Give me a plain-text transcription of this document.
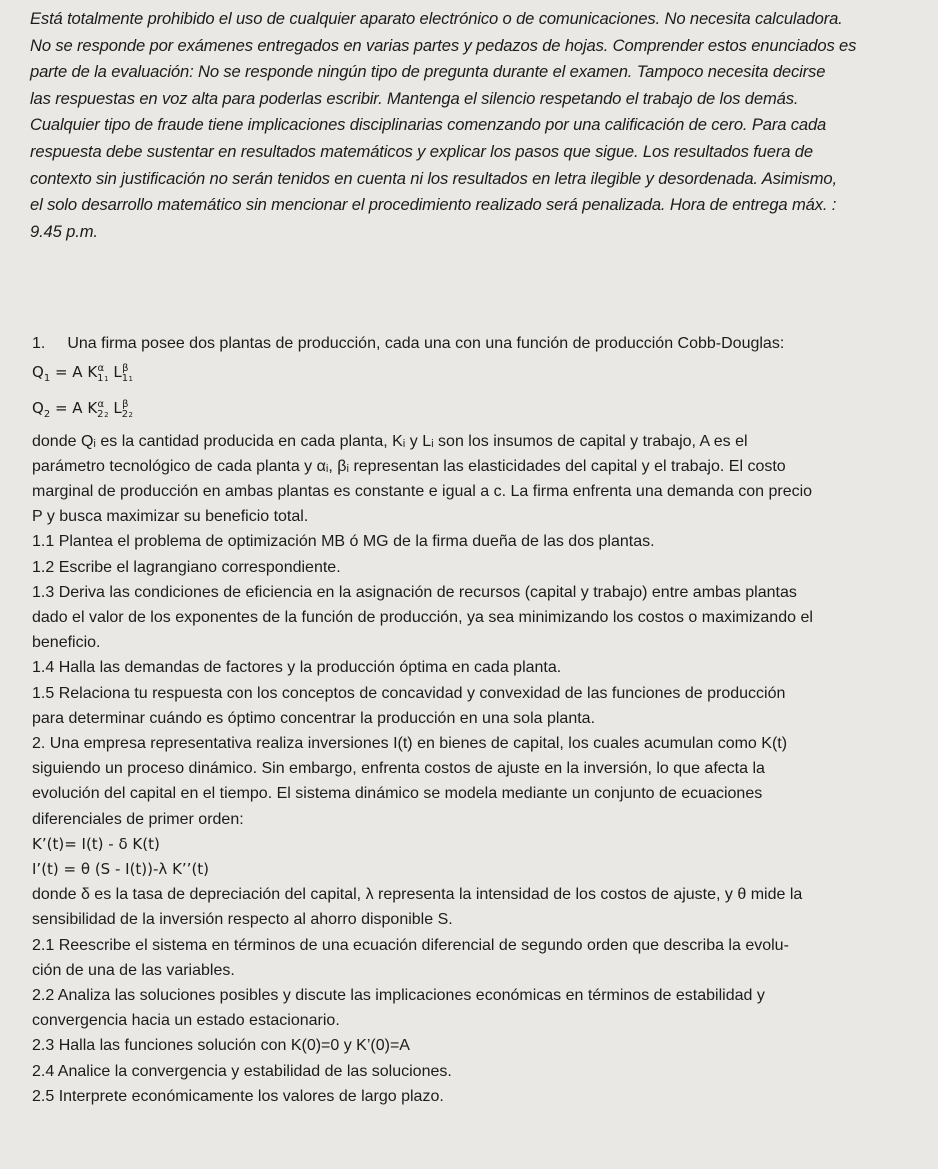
Está totalmente prohibido el uso de cualquier aparato electrónico o de comunicaciones. No necesita calculadora.
No se responde por exámenes entregados en varias partes y pedazos de hojas. Comprender estos enunciados es
parte de la evaluación: No se responde ningún tipo de pregunta durante el examen. Tampoco necesita decirse
las respuestas en voz alta para poderlas escribir. Mantenga el silencio respetando el trabajo de los demás.
Cualquier tipo de fraude tiene implicaciones disciplinarias comenzando por una calificación de cero. Para cada
respuesta debe sustentar en resultados matemáticos y explicar los pasos que sigue. Los resultados fuera de
contexto sin justificación no serán tenidos en cuenta ni los resultados en letra ilegible y desordenada. Asimismo,
el solo desarrollo matemático sin mencionar el procedimiento realizado será penalizada. Hora de entrega máx. :
9.45 p.m.
1. Una firma posee dos plantas de producción, cada una con una función de producción Cobb-Douglas:
$Q_1 = A$ $K_1^\alpha_1$ $L_1^\beta_1$
$Q_2 = A$ $K_2^\alpha_2$ $L_2^\beta_2$
donde Qᵢ es la cantidad producida en cada planta, Kᵢ y Lᵢ son los insumos de capital y trabajo, A es el
parámetro tecnológico de cada planta y αᵢ, βᵢ representan las elasticidades del capital y el trabajo. El costo
marginal de producción en ambas plantas es constante e igual a c. La firma enfrenta una demanda con precio
P y busca maximizar su beneficio total.
1.1 Plantea el problema de optimización MB ó MG de la firma dueña de las dos plantas.
1.2 Escribe el lagrangiano correspondiente.
1.3 Deriva las condiciones de eficiencia en la asignación de recursos (capital y trabajo) entre ambas plantas
dado el valor de los exponentes de la función de producción, ya sea minimizando los costos o maximizando el
beneficio.
1.4 Halla las demandas de factores y la producción óptima en cada planta.
1.5 Relaciona tu respuesta con los conceptos de concavidad y convexidad de las funciones de producción
para determinar cuándo es óptimo concentrar la producción en una sola planta.
2. Una empresa representativa realiza inversiones I(t) en bienes de capital, los cuales acumulan como K(t)
siguiendo un proceso dinámico. Sin embargo, enfrenta costos de ajuste en la inversión, lo que afecta la
evolución del capital en el tiempo. El sistema dinámico se modela mediante un conjunto de ecuaciones
diferenciales de primer orden:
K’(t)= I(t) - δ K(t)
I’(t) = θ (S - I(t))-λ K’’(t)
donde δ es la tasa de depreciación del capital, λ representa la intensidad de los costos de ajuste, y θ mide la
sensibilidad de la inversión respecto al ahorro disponible S.
2.1 Reescribe el sistema en términos de una ecuación diferencial de segundo orden que describa la evolu-
ción de una de las variables.
2.2 Analiza las soluciones posibles y discute las implicaciones económicas en términos de estabilidad y
convergencia hacia un estado estacionario.
2.3 Halla las funciones solución con K(0)=0 y K’(0)=A
2.4 Analice la convergencia y estabilidad de las soluciones.
2.5 Interprete económicamente los valores de largo plazo.
